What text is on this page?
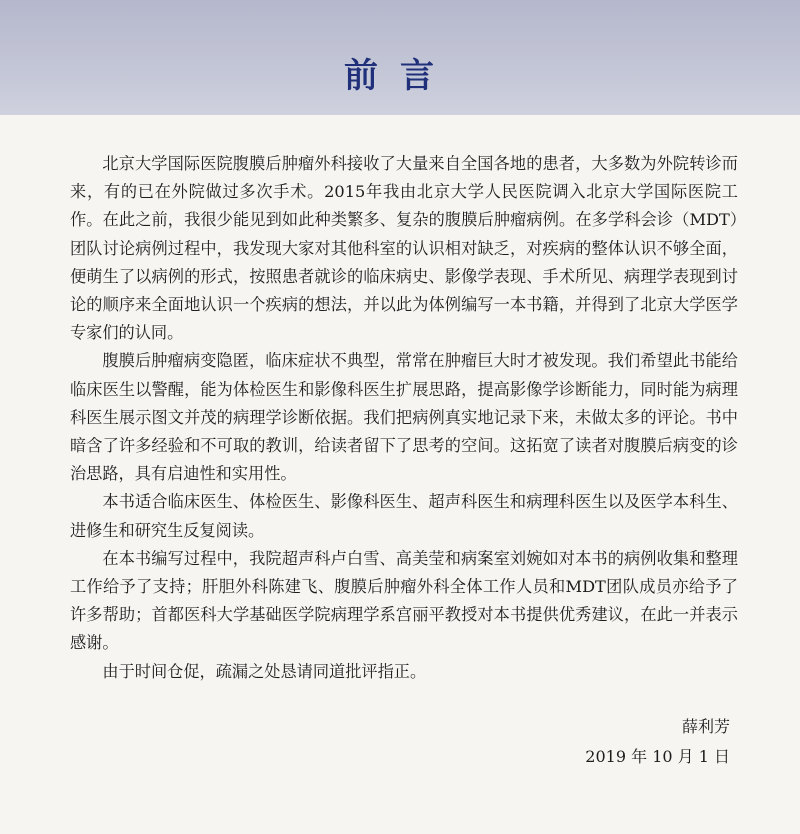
前言

北京大学国际医院腹膜后肿瘤外科接收了大量来自全国各地的患者，大多数为外院转诊而来，有的已在外院做过多次手术。2015年我由北京大学人民医院调入北京大学国际医院工作。在此之前，我很少能见到如此种类繁多、复杂的腹膜后肿瘤病例。在多学科会诊（MDT）团队讨论病例过程中，我发现大家对其他科室的认识相对缺乏，对疾病的整体认识不够全面，便萌生了以病例的形式，按照患者就诊的临床病史、影像学表现、手术所见、病理学表现到讨论的顺序来全面地认识一个疾病的想法，并以此为体例编写一本书籍，并得到了北京大学医学专家们的认同。

腹膜后肿瘤病变隐匿，临床症状不典型，常常在肿瘤巨大时才被发现。我们希望此书能给临床医生以警醒，能为体检医生和影像科医生扩展思路，提高影像学诊断能力，同时能为病理科医生展示图文并茂的病理学诊断依据。我们把病例真实地记录下来，未做太多的评论。书中暗含了许多经验和不可取的教训，给读者留下了思考的空间。这拓宽了读者对腹膜后病变的诊治思路，具有启迪性和实用性。

本书适合临床医生、体检医生、影像科医生、超声科医生和病理科医生以及医学本科生、进修生和研究生反复阅读。

在本书编写过程中，我院超声科卢白雪、高美莹和病案室刘婉如对本书的病例收集和整理工作给予了支持；肝胆外科陈建飞、腹膜后肿瘤外科全体工作人员和MDT团队成员亦给予了许多帮助；首都医科大学基础医学院病理学系宫丽平教授对本书提供优秀建议，在此一并表示感谢。

由于时间仓促，疏漏之处恳请同道批评指正。

薛利芳
2019 年 10 月 1 日
